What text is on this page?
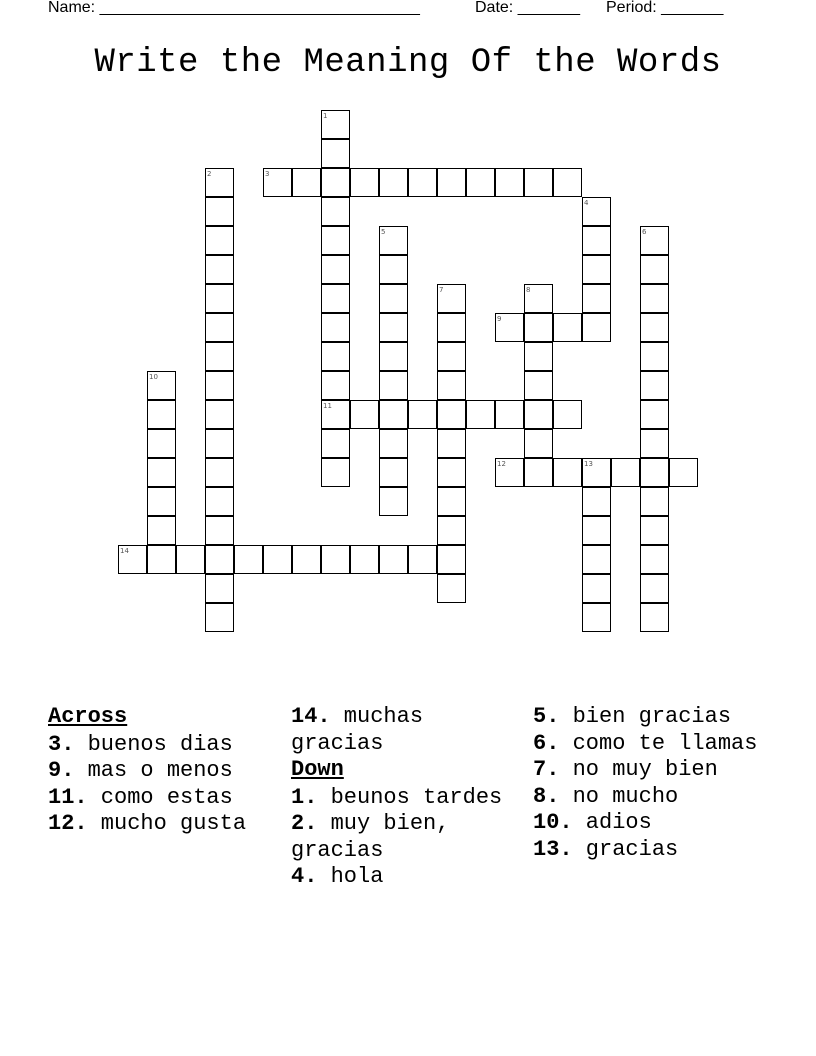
Name: ____________________________________	Date: _______ Period: _______
Write the Meaning Of the Words
3
9
11
12
14
1
2
4
5	6
7	8
10
13
Across
3. buenos dias
9. mas o menos
11. como estas
12. mucho gusta
14. muchas gracias
Down
1. beunos tardes
2. muy bien, gracias
4. hola
5. bien gracias
6. como te llamas
7. no muy bien
8. no mucho
10. adios
13. gracias
